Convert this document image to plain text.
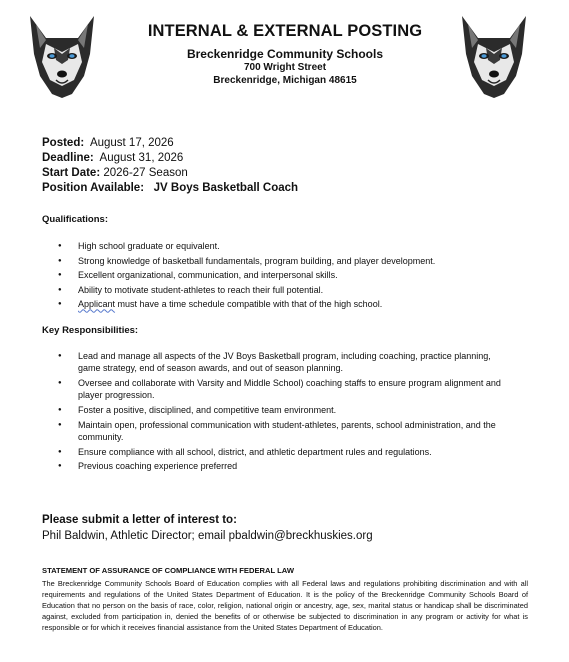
INTERNAL & EXTERNAL POSTING
Breckenridge Community Schools
700 Wright Street
Breckenridge, Michigan 48615
Posted: August 17, 2026
Deadline: August 31, 2026
Start Date: 2026-27 Season
Position Available: JV Boys Basketball Coach
Qualifications:
● High school graduate or equivalent.
● Strong knowledge of basketball fundamentals, program building, and player development.
● Excellent organizational, communication, and interpersonal skills.
● Ability to motivate student-athletes to reach their full potential.
● Applicant must have a time schedule compatible with that of the high school.
Key Responsibilities:
● Lead and manage all aspects of the JV Boys Basketball program, including coaching, practice planning, game strategy, end of season awards, and out of season planning.
● Oversee and collaborate with Varsity and Middle School) coaching staffs to ensure program alignment and player progression.
● Foster a positive, disciplined, and competitive team environment.
● Maintain open, professional communication with student-athletes, parents, school administration, and the community.
● Ensure compliance with all school, district, and athletic department rules and regulations.
● Previous coaching experience preferred
Please submit a letter of interest to:
Phil Baldwin, Athletic Director; email pbaldwin@breckhuskies.org
STATEMENT OF ASSURANCE OF COMPLIANCE WITH FEDERAL LAW
The Breckenridge Community Schools Board of Education complies with all Federal laws and regulations prohibiting discrimination and with all requirements and regulations of the United States Department of Education. It is the policy of the Breckenridge Community Schools Board of Education that no person on the basis of race, color, religion, national origin or ancestry, age, sex, marital status or handicap shall be discriminated against, excluded from participation in, denied the benefits of or otherwise be subjected to discrimination in any program or activity for what is responsible or for which it receives financial assistance from the United States Department of Education.
